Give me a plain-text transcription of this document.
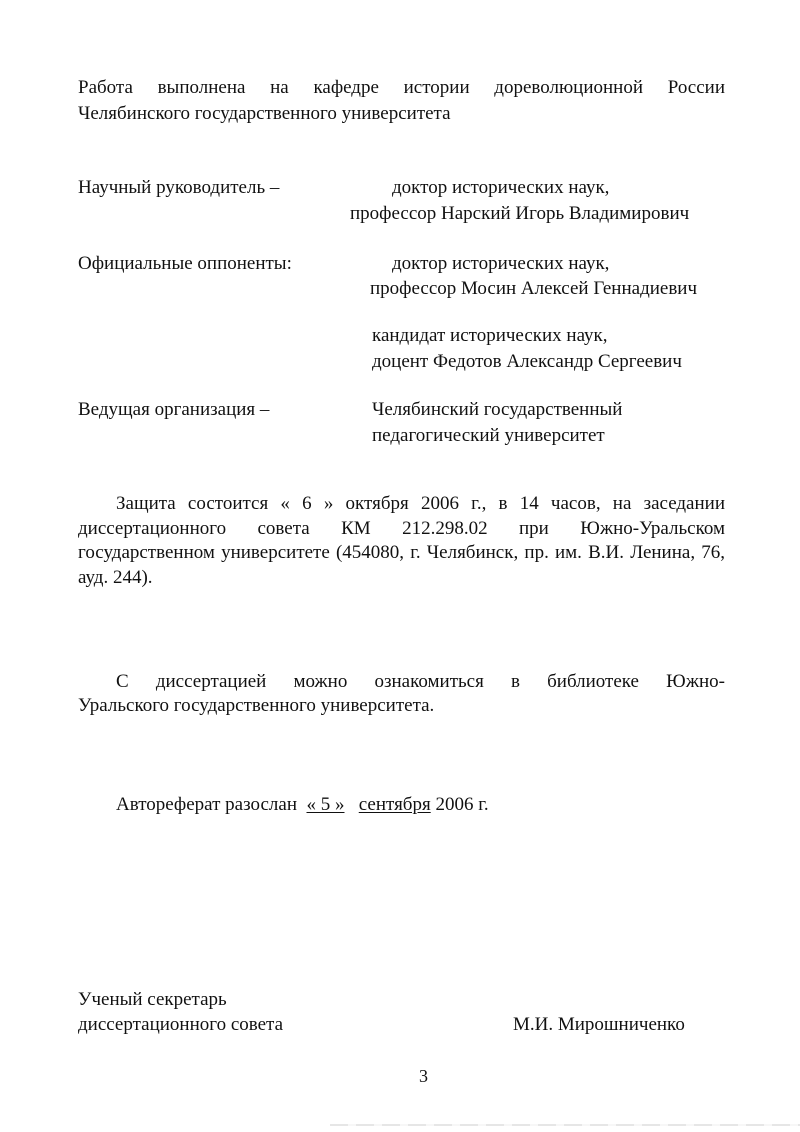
Работа выполнена на кафедре истории дореволюционной России
Челябинского государственного университета
Научный руководитель –	доктор исторических наук,
профессор Нарский Игорь Владимирович
Официальные оппоненты:	доктор исторических наук,
профессор Мосин Алексей Геннадиевич
кандидат исторических наук,
доцент Федотов Александр Сергеевич
Ведущая организация –	Челябинский государственный
педагогический университет
Защита состоится « 6 » октября 2006 г., в 14 часов, на заседании диссертационного совета КМ 212.298.02 при Южно-Уральском государственном университете (454080, г. Челябинск, пр. им. В.И. Ленина, 76, ауд. 244).
С диссертацией можно ознакомиться в библиотеке Южно-
Уральского государственного университета.
Автореферат разослан « 5 » сентября 2006 г.
Ученый секретарь
диссертационного совета	М.И. Мирошниченко
3
